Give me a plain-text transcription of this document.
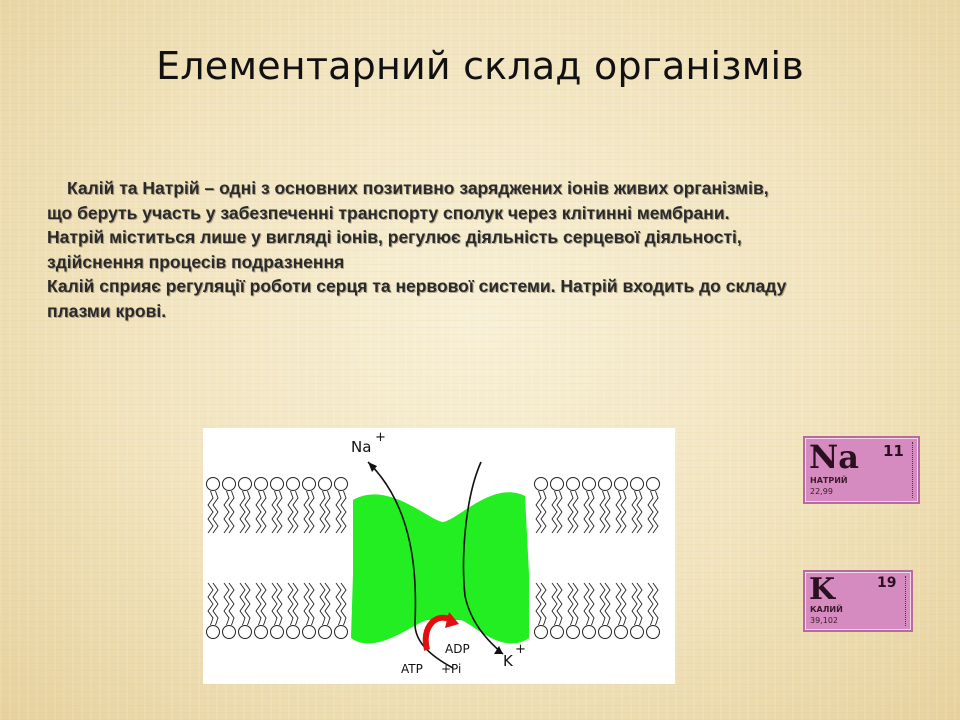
Елементарний склад організмів
Калій та Натрій – одні з основних позитивно заряджених іонів живих організмів,
що беруть участь у забезпеченні транспорту сполук через клітинні мембрани.
Натрій міститься лише у вигляді іонів, регулює діяльність серцевої діяльності,
здійснення процесів подразнення
Калій сприяє регуляції роботи серця та нервової системи. Натрій входить до складу
плазми крові.
Na
+
K
+
ATP
ADP
+Pi
Na 11
НАТРИЙ
22,99
K	19
КАЛИЙ
39,102
